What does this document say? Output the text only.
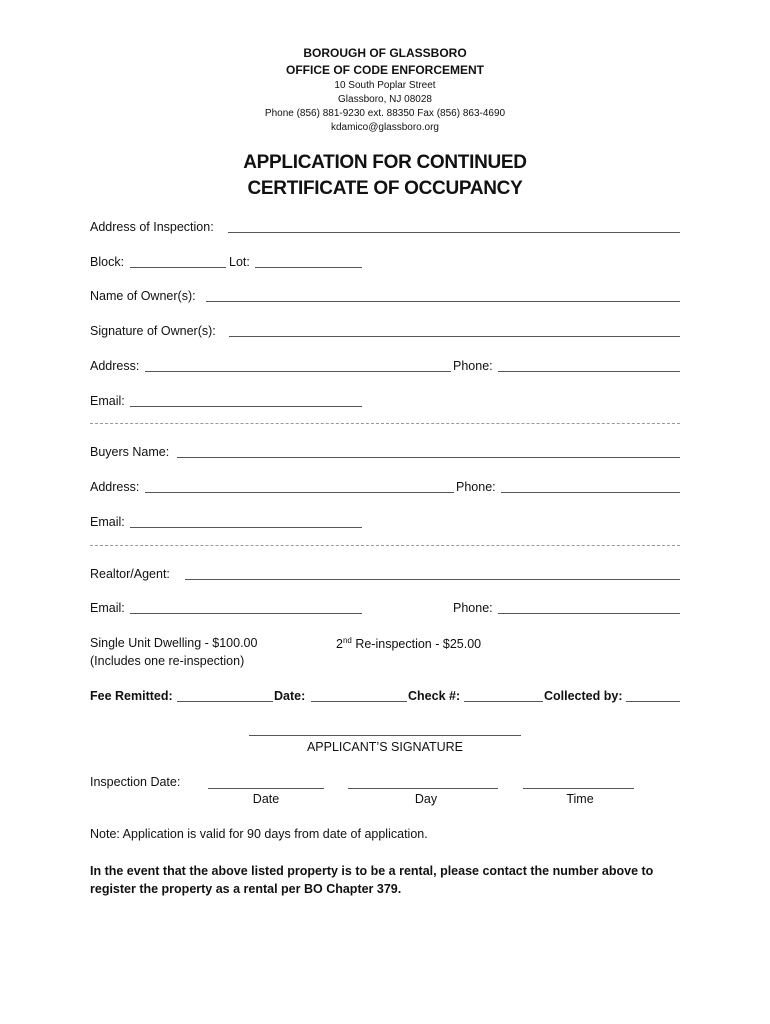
BOROUGH OF GLASSBORO
OFFICE OF CODE ENFORCEMENT
10 South Poplar Street
Glassboro, NJ 08028
Phone (856) 881-9230 ext. 88350 Fax (856) 863-4690
kdamico@glassboro.org
APPLICATION FOR CONTINUED
CERTIFICATE OF OCCUPANCY
Address of Inspection:
Block:	Lot:
Name of Owner(s):
Signature of Owner(s):
Address:	Phone:
Email:
Buyers Name:
Address:	Phone:
Email:
Realtor/Agent:
Email:	Phone:
Single Unit Dwelling - $100.00
(Includes one re-inspection)
2nd Re-inspection - $25.00
Fee Remitted:	Date:	Check #:	Collected by:
APPLICANT’S SIGNATURE
Inspection Date:
Date	Day	Time
Note: Application is valid for 90 days from date of application.
In the event that the above listed property is to be a rental, please contact the number above to register the property as a rental per BO Chapter 379.
